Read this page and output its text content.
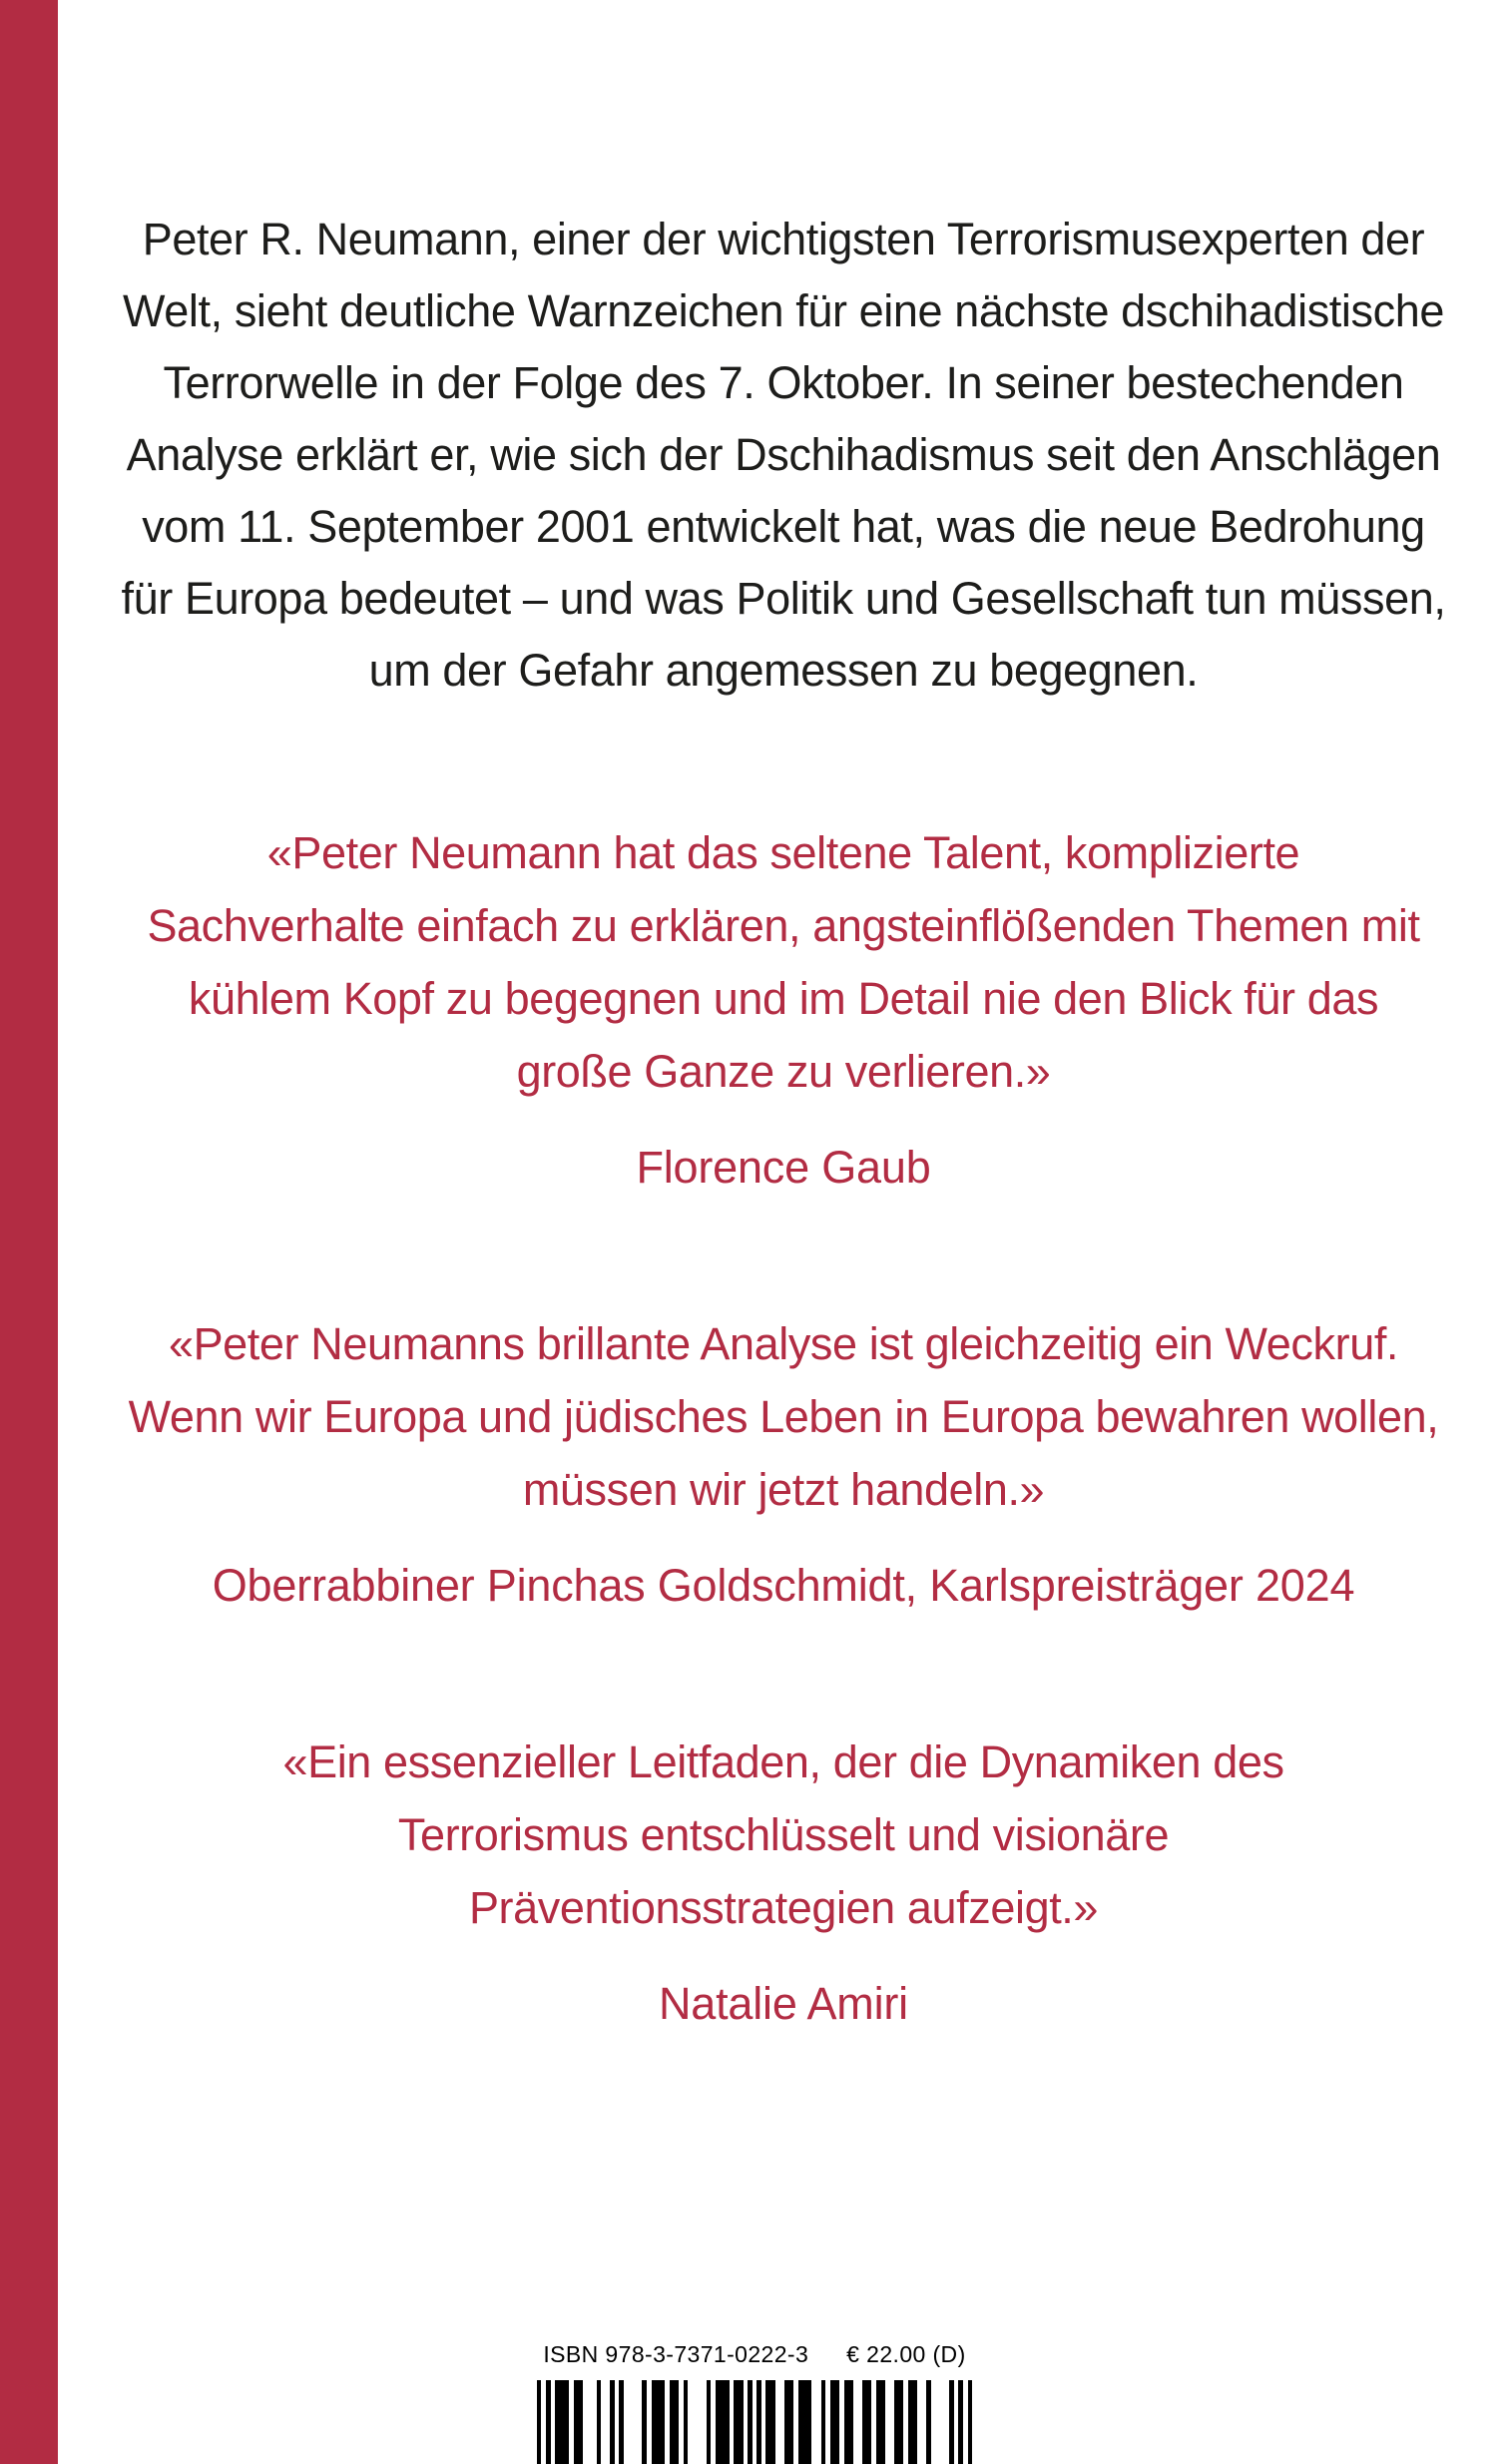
Peter R. Neumann, einer der wichtigsten Terrorismusexperten der Welt, sieht deutliche Warnzeichen für eine nächste dschihadistische Terrorwelle in der Folge des 7. Oktober. In seiner bestechenden Analyse erklärt er, wie sich der Dschihadismus seit den Anschlägen vom 11. September 2001 entwickelt hat, was die neue Bedrohung für Europa bedeutet – und was Politik und Gesellschaft tun müssen, um der Gefahr angemessen zu begegnen.

«Peter Neumann hat das seltene Talent, komplizierte Sachverhalte einfach zu erklären, angsteinflößenden Themen mit kühlem Kopf zu begegnen und im Detail nie den Blick für das große Ganze zu verlieren.»

Florence Gaub

«Peter Neumanns brillante Analyse ist gleichzeitig ein Weckruf. Wenn wir Europa und jüdisches Leben in Europa bewahren wollen, müssen wir jetzt handeln.»

Oberrabbiner Pinchas Goldschmidt, Karlspreisträger 2024

«Ein essenzieller Leitfaden, der die Dynamiken des Terrorismus entschlüsselt und visionäre Präventionsstrategien aufzeigt.»

Natalie Amiri

ISBN 978-3-7371-0222-3 € 22.00 (D)
